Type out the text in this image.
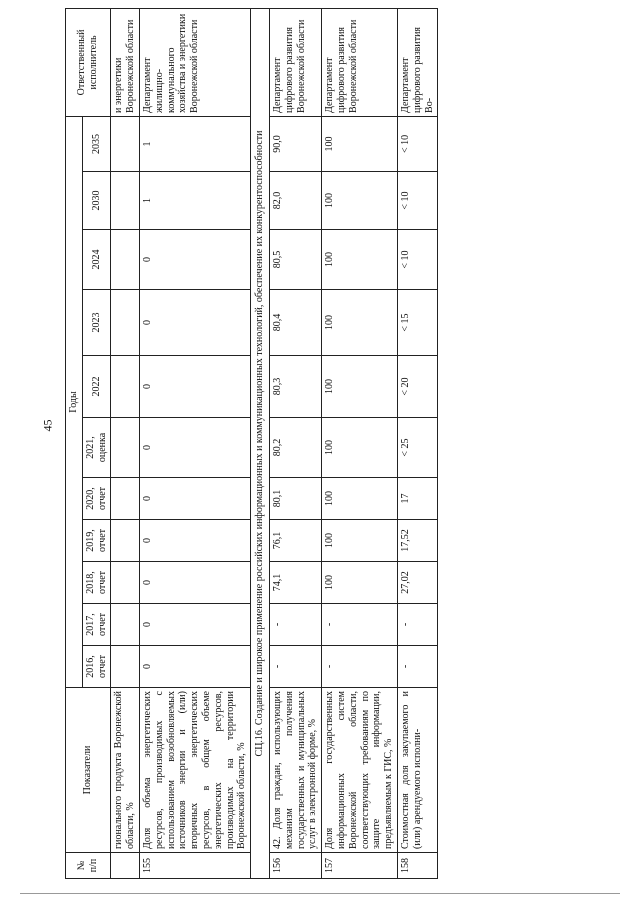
45
№ п/п	Показатели	Годы											Ответственный исполнитель
		2016, отчет	2017, отчет	2018, отчет	2019, отчет	2020, отчет	2021, оценка	2022	2023	2024	2030	2035	
	гионального продукта Воронежской области, %												и энергетики Воронежской области
155	Доля объема энергетических ресурсов, производимых с использованием возобновляемых источников энергии и (или) вторичных энергетических ресурсов, в общем объеме энергетических ресурсов, производимых на территории Воронежской области, %	0	0	0	0	0	0	0	0	0	1	1	Департамент жилищно-коммунального хозяйства и энергетики Воронежской области
СЦ.16. Создание и широкое применение российских информационных и коммуникационных технологий, обеспечение их конкурентоспособности													
156	42. Доля граждан, использующих механизм получения государственных и муниципальных услуг в электронной форме, %	-	-	74,1	76,1	80,1	80,2	80,3	80,4	80,5	82,0	90,0	Департамент цифрового развития Воронежской области
157	Доля государственных информационных систем Воронежской области, соответствующих требованиям по защите информации, предъявляемым к ГИС, %	-	-	100	100	100	100	100	100	100	100	100	Департамент цифрового развития Воронежской области
158	Стоимостная доля закупаемого и (или) арендуемого исполни-	-	-	27,02	17,52	17	< 25	< 20	< 15	< 10	< 10	< 10	Департамент цифрового развития Во-
